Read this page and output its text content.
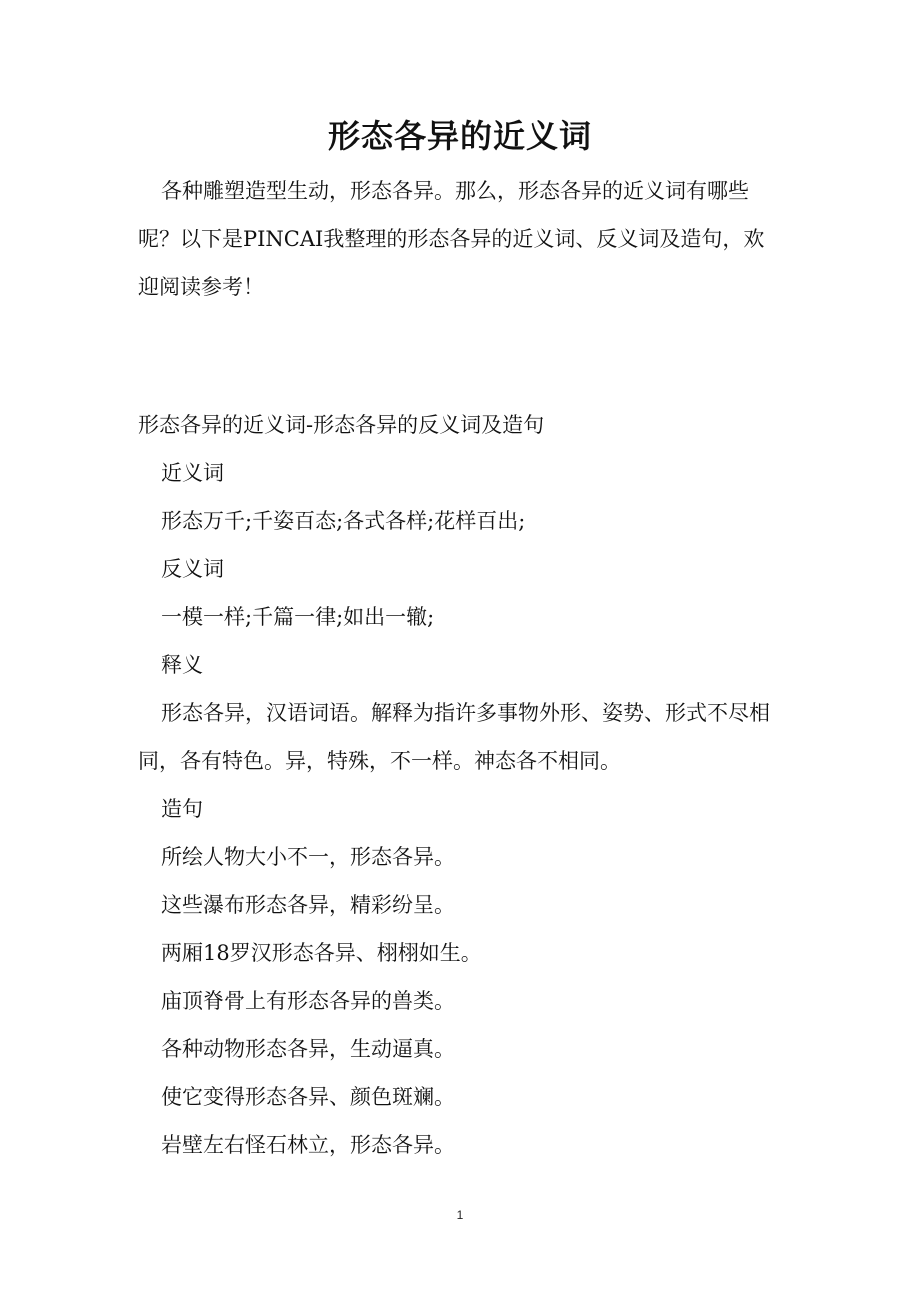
形态各异的近义词
各种雕塑造型生动，形态各异。那么，形态各异的近义词有哪些呢？以下是PINCAI我整理的形态各异的近义词、反义词及造句，欢迎阅读参考！
形态各异的近义词-形态各异的反义词及造句
近义词
形态万千;千姿百态;各式各样;花样百出;
反义词
一模一样;千篇一律;如出一辙;
释义
形态各异，汉语词语。解释为指许多事物外形、姿势、形式不尽相同，各有特色。异，特殊，不一样。神态各不相同。
造句
所绘人物大小不一，形态各异。
这些瀑布形态各异，精彩纷呈。
两厢18罗汉形态各异、栩栩如生。
庙顶脊骨上有形态各异的兽类。
各种动物形态各异，生动逼真。
使它变得形态各异、颜色斑斓。
岩壁左右怪石林立，形态各异。
1
